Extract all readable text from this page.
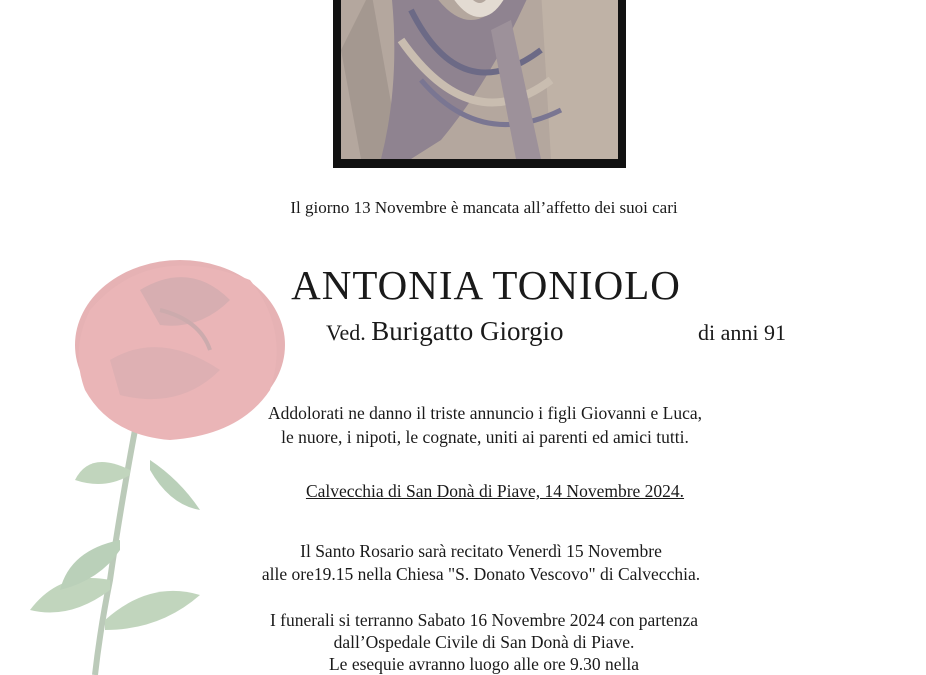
Il giorno 13 Novembre è mancata all’affetto dei suoi cari
ANTONIA TONIOLO
Ved. Burigatto Giorgio	di anni 91
Addolorati ne danno il triste annuncio i figli Giovanni e Luca,
le nuore, i nipoti, le cognate, uniti ai parenti ed amici tutti.
Calvecchia di San Donà di Piave, 14 Novembre 2024.
Il Santo Rosario sarà recitato Venerdì 15 Novembre
alle ore19.15 nella Chiesa "S. Donato Vescovo" di Calvecchia.
I funerali si terranno Sabato 16 Novembre 2024 con partenza
dall’Ospedale Civile di San Donà di Piave.
Le esequie avranno luogo alle ore 9.30 nella
